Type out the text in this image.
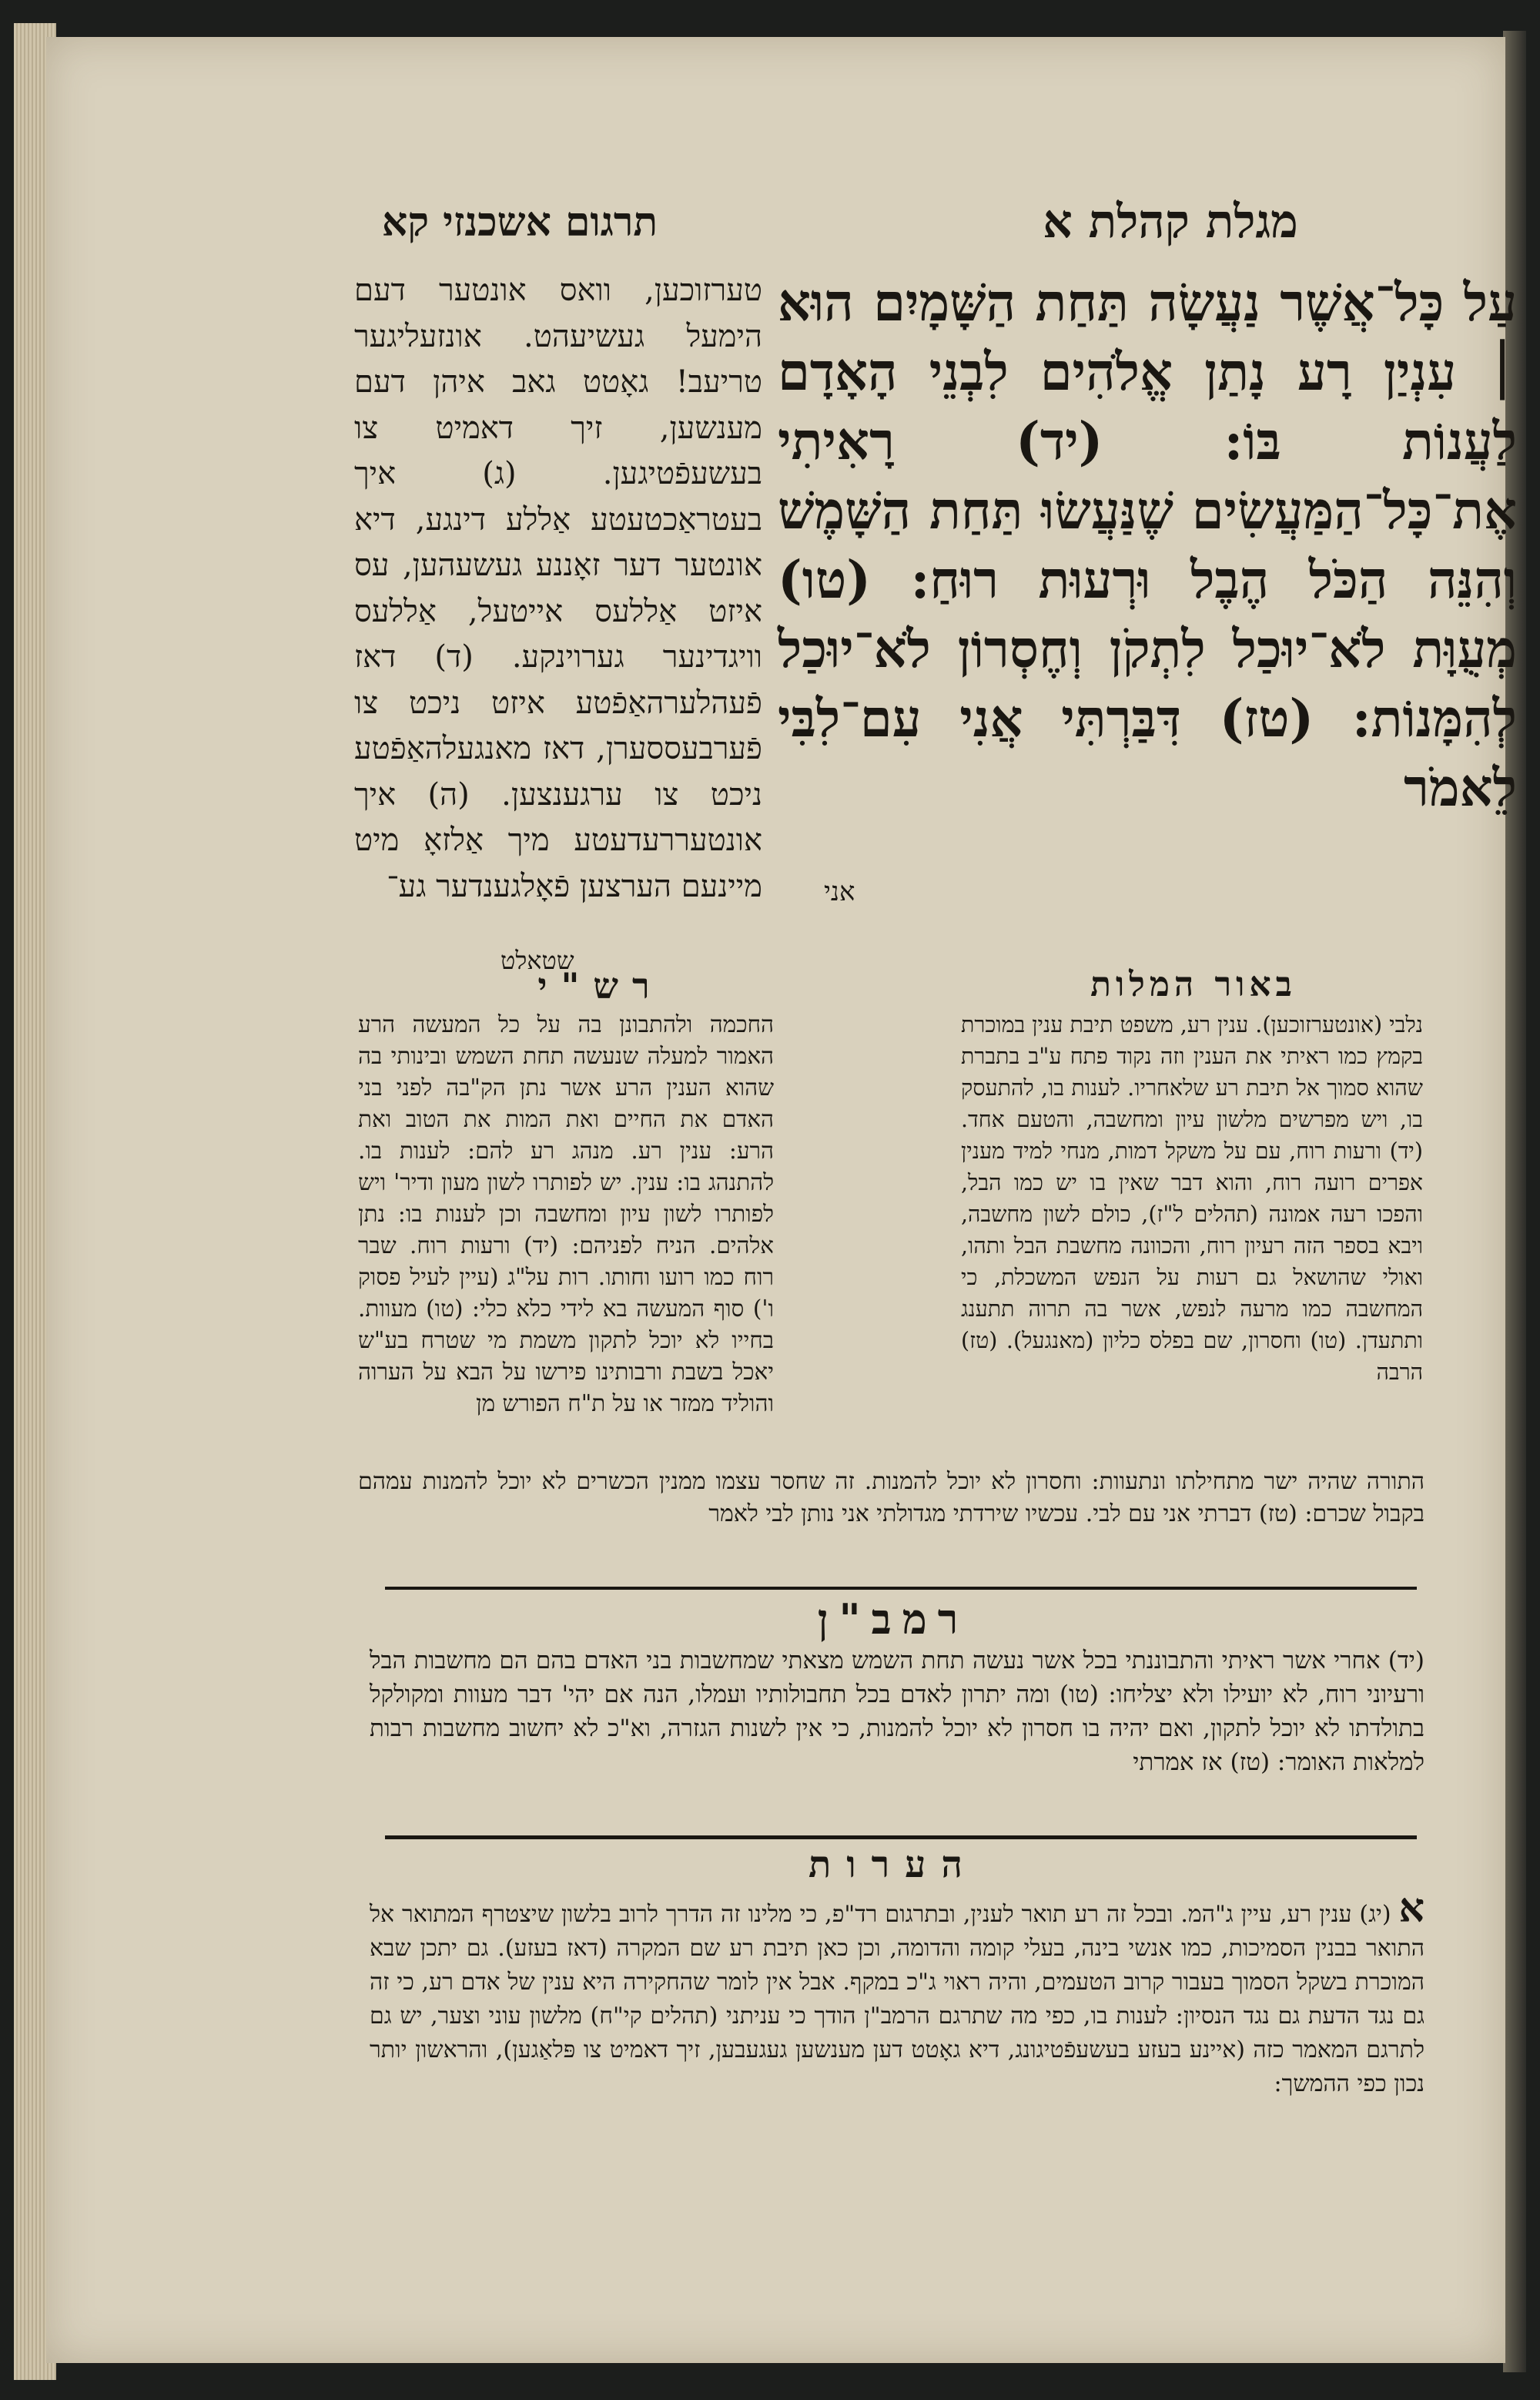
תרגום אשכנזי קא	מגלת קהלת א
עַל כָּל־אֲשֶׁר נַעֲשָׂה תַּחַת הַשָּׁמָיִם הוּא ׀ עִנְיַן רָע נָתַן אֱלֹהִים לִבְנֵי הָאָדָם לַעֲנוֹת בּוֹ: (יד) רָאִיתִי אֶת־כָּל־הַמַּעֲשִׂים שֶׁנַּעֲשׂוּ תַּחַת הַשָּׁמֶשׁ וְהִנֵּה הַכֹּל הֶבֶל וּרְעוּת רוּחַ: (טו) מְעֻוָּת לֹא־יוּכַל לִתְקֹן וְחֶסְרוֹן לֹא־יוּכַל לְהִמָּנוֹת: (טז) דִּבַּרְתִּי אֲנִי עִם־לִבִּי לֵאמֹר
אני
טערזוכען, וואס אונטער דעם הימעל געשיעהט. אונזעליגער טריעב! גאָטט גאב איהן דעם מענשען, זיך דאמיט צו בעשעפֿטיגען. (ג) איך בעטראַכטעטע אַללע דינגע, דיא אונטער דער זאָננע געשעהען, עס איזט אַללעס אייטעל, אַללעס וויגדינער גערוינקע. (ד) דאז פֿעהלערהאַפֿטע איזט ניכט צו פֿערבעססערן, דאז מאנגעלהאַפֿטע ניכט צו ערגענצען. (ה) איך אונטעררעדעטע מיך אַלזאָ מיט מיינעם הערצען פֿאָלגענדער גע־
שטאלט
רש"י	באור המלות
החכמה ולהתבונן בה על כל המעשה הרע האמור למעלה שנעשה תחת השמש ובינותי בה שהוא הענין הרע אשר נתן הק"בה לפני בני האדם את החיים ואת המות את הטוב ואת הרע: ענין רע. מנהג רע להם: לענות בו. להתנהג בו: ענין. יש לפותרו לשון מעון ודיר' ויש לפותרו לשון עיון ומחשבה וכן לענות בו: נתן אלהים. הניח לפניהם: (יד) ורעות רוח. שבר רוח כמו רועו וחותו. רות על"ג (עיין לעיל פסוק ו') סוף המעשה בא לידי כלא כלי: (טו) מעוות. בחייו לא יוכל לתקון משמת מי שטרח בע"ש יאכל בשבת ורבותינו פירשו על הבא על הערוה והוליד ממזר או על ת"ח הפורש מן
נלבי (אונטערזוכען). ענין רע, משפט תיבת ענין במוכרת בקמץ כמו ראיתי את הענין וזה נקוד פתח ע"ב בתברת שהוא סמוך אל תיבת רע שלאחריו. לענות בו, להתעסק בו, ויש מפרשים מלשון עיון ומחשבה, והטעם אחד. (יד) ורעות רוח, עם על משקל דמות, מנחי למיד מענין אפרים רועה רוח, והוא דבר שאין בו יש כמו הבל, והפכו רעה אמונה (תהלים ל"ז), כולם לשון מחשבה, ויבא בספר הזה רעיון רוח, והכוונה מחשבת הבל ותהו, ואולי שהושאל גם רעות על הנפש המשכלת, כי המחשבה כמו מרעה לנפש, אשר בה תרוה תתענג ותתעדן. (טו) וחסרון, שם בפלס כליון (מאנגעל). (טז) הרבה
התורה שהיה ישר מתחילתו ונתעוות: וחסרון לא יוכל להמנות. זה שחסר עצמו ממנין הכשרים לא יוכל להמנות עמהם בקבול שכרם: (טז) דברתי אני עם לבי. עכשיו שירדתי מגדולתי אני נותן לבי לאמר
רמב"ן
(יד) אחרי אשר ראיתי והתבוננתי בכל אשר נעשה תחת השמש מצאתי שמחשבות בני האדם בהם הם מחשבות הבל ורעיוני רוח, לא יועילו ולא יצליחו: (טו) ומה יתרון לאדם בכל תחבולותיו ועמלו, הנה אם יהי' דבר מעוות ומקולקל בתולדתו לא יוכל לתקון, ואם יהיה בו חסרון לא יוכל להמנות, כי אין לשנות הגזרה, וא"כ לא יחשוב מחשבות רבות למלאות האומר: (טז) אז אמרתי
הערות
א (יג) ענין רע, עיין ג"המ. ובכל זה רע תואר לענין, ובתרגום רד"פ, כי מלינו זה הדרך לרוב בלשון שיצטרף המתואר אל התואר בבנין הסמיכות, כמו אנשי בינה, בעלי קומה והדומה, וכן כאן תיבת רע שם המקרה (דאז בעזע). גם יתכן שבא המוכרת בשקל הסמוך בעבור קרוב הטעמים, והיה ראוי ג"כ במקף. אבל אין לומר שהחקירה היא ענין של אדם רע, כי זה גם נגד הדעת גם נגד הנסיון: לענות בו, כפי מה שתרגם הרמב"ן הודך כי עניתני (תהלים קי"ח) מלשון עוני וצער, יש גם לתרגם המאמר כזה (איינע בעזע בעשעפֿטיגונג, דיא גאָטט דען מענשען געגעבען, זיך דאמיט צו פּלאַגען), והראשון יותר נכון כפי ההמשך:
